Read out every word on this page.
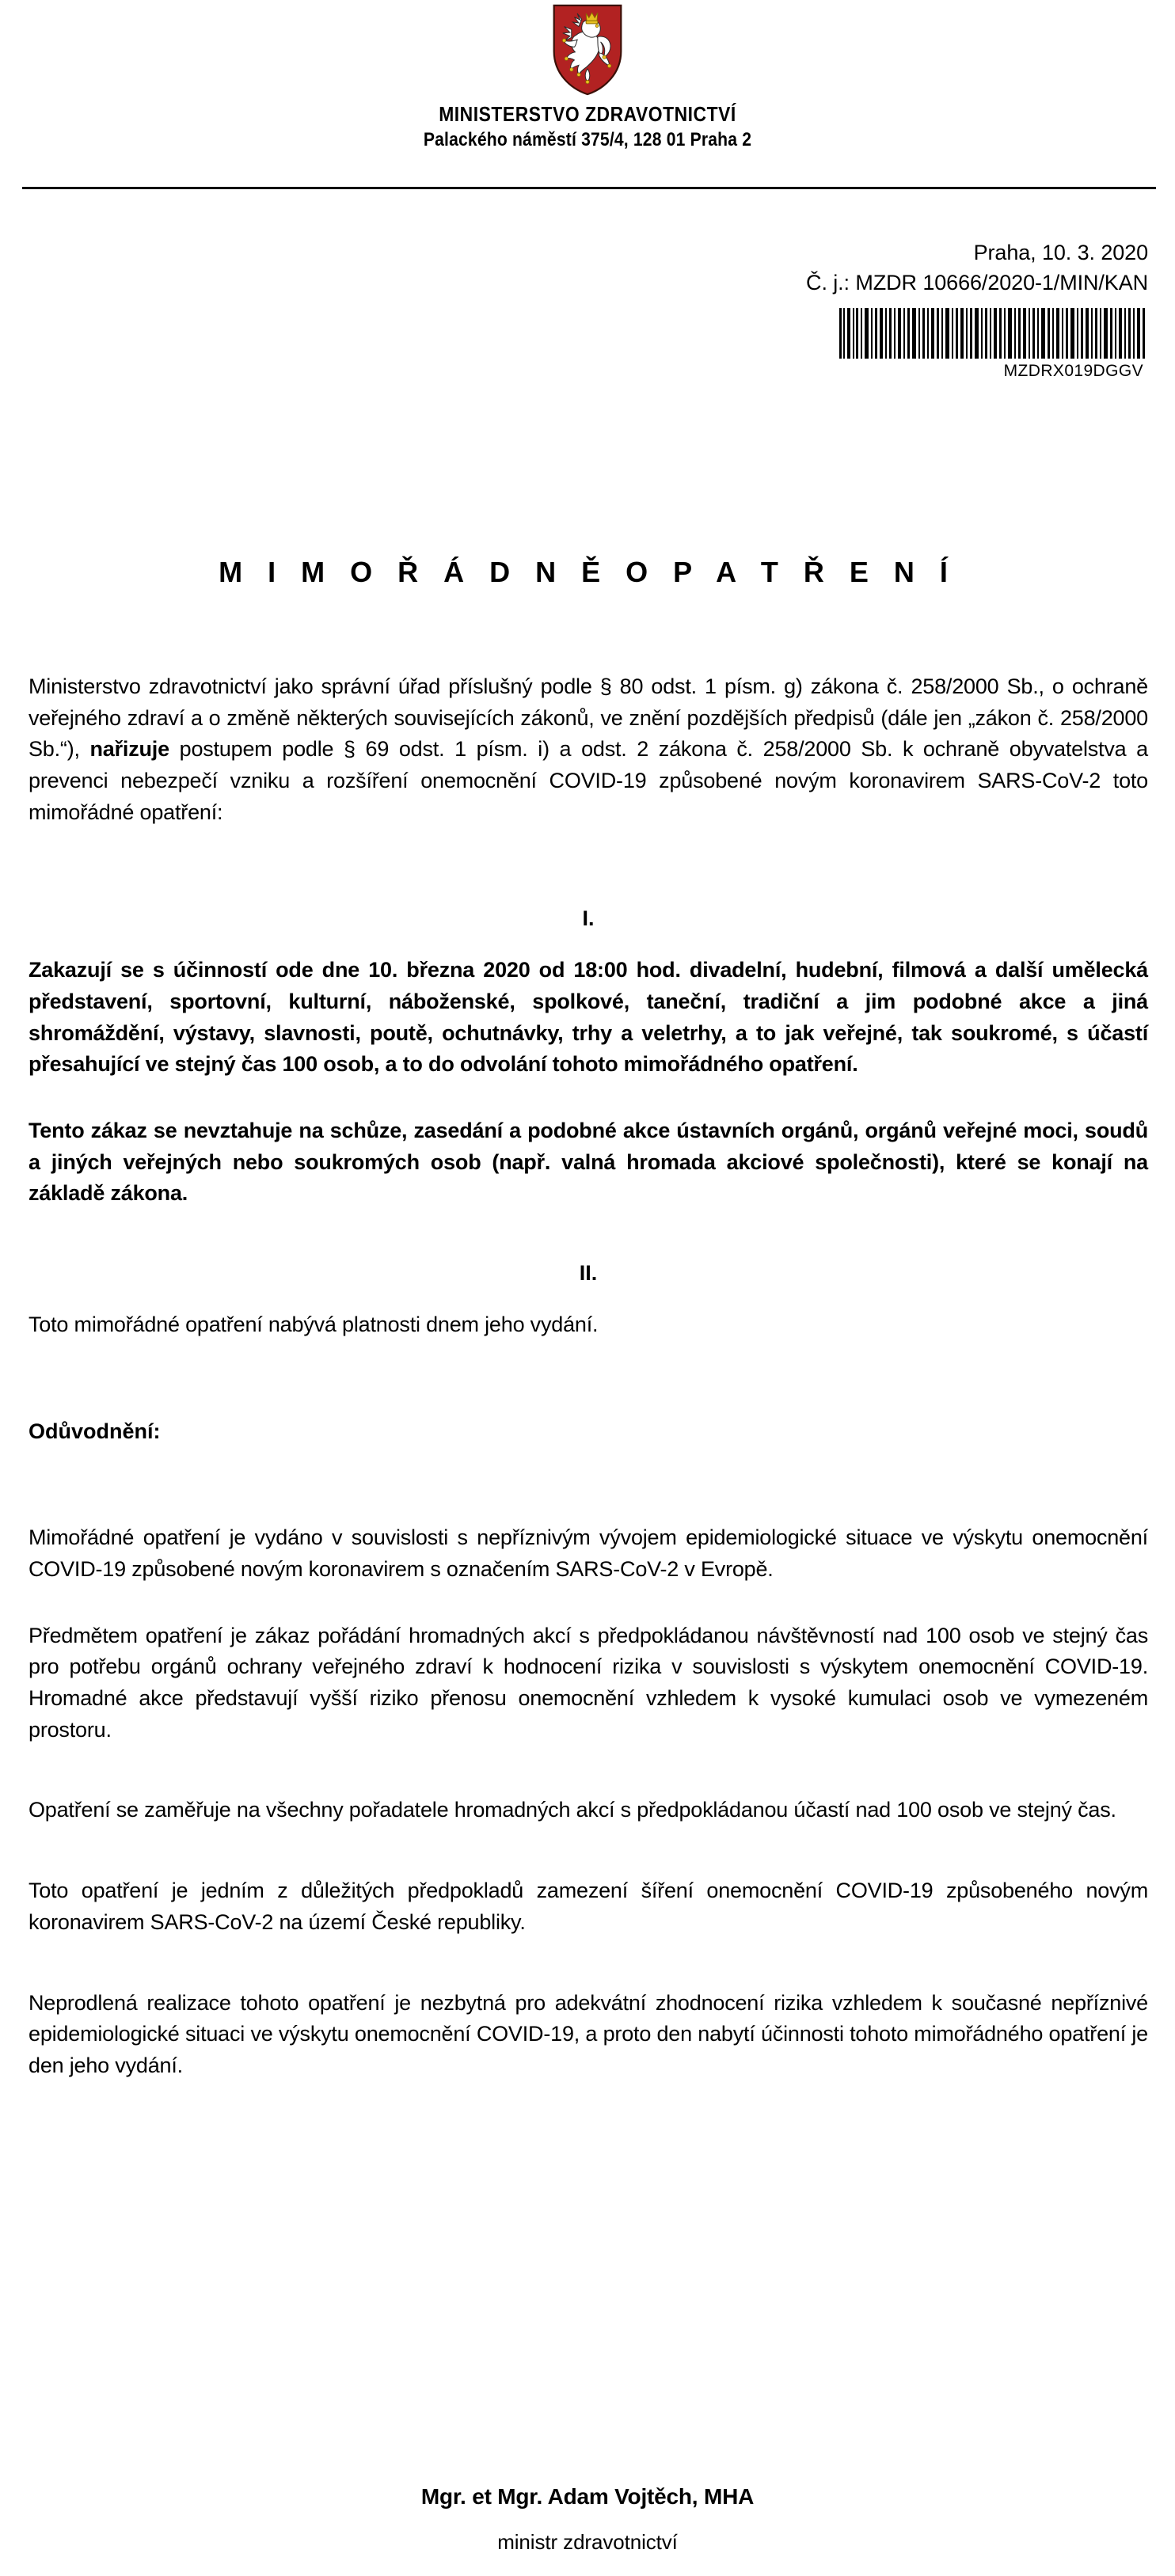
MINISTERSTVO ZDRAVOTNICTVÍ
Palackého náměstí 375/4, 128 01 Praha 2
Praha, 10. 3. 2020
Č. j.: MZDR 10666/2020-1/MIN/KAN
MZDRX019DGGV
M I M O Ř Á D N Ě O P A T Ř E N Í

Ministerstvo zdravotnictví jako správní úřad příslušný podle § 80 odst. 1 písm. g) zákona č. 258/2000 Sb., o ochraně veřejného zdraví a o změně některých souvisejících zákonů, ve znění pozdějších předpisů (dále jen „zákon č. 258/2000 Sb.“), nařizuje postupem podle § 69 odst. 1 písm. i) a odst. 2 zákona č. 258/2000 Sb. k ochraně obyvatelstva a prevenci nebezpečí vzniku a rozšíření onemocnění COVID-19 způsobené novým koronavirem SARS-CoV-2 toto mimořádné opatření:

I.

Zakazují se s účinností ode dne 10. března 2020 od 18:00 hod. divadelní, hudební, filmová a další umělecká představení, sportovní, kulturní, náboženské, spolkové, taneční, tradiční a jim podobné akce a jiná shromáždění, výstavy, slavnosti, poutě, ochutnávky, trhy a veletrhy, a to jak veřejné, tak soukromé, s účastí přesahující ve stejný čas 100 osob, a to do odvolání tohoto mimořádného opatření.

Tento zákaz se nevztahuje na schůze, zasedání a podobné akce ústavních orgánů, orgánů veřejné moci, soudů a jiných veřejných nebo soukromých osob (např. valná hromada akciové společnosti), které se konají na základě zákona.

II.

Toto mimořádné opatření nabývá platnosti dnem jeho vydání.

Odůvodnění:

Mimořádné opatření je vydáno v souvislosti s nepříznivým vývojem epidemiologické situace ve výskytu onemocnění COVID-19 způsobené novým koronavirem s označením SARS-CoV-2 v Evropě.

Předmětem opatření je zákaz pořádání hromadných akcí s předpokládanou návštěvností nad 100 osob ve stejný čas pro potřebu orgánů ochrany veřejného zdraví k hodnocení rizika v souvislosti s výskytem onemocnění COVID-19. Hromadné akce představují vyšší riziko přenosu onemocnění vzhledem k vysoké kumulaci osob ve vymezeném prostoru.

Opatření se zaměřuje na všechny pořadatele hromadných akcí s předpokládanou účastí nad 100 osob ve stejný čas.

Toto opatření je jedním z důležitých předpokladů zamezení šíření onemocnění COVID-19 způsobeného novým koronavirem SARS-CoV-2 na území České republiky.

Neprodlená realizace tohoto opatření je nezbytná pro adekvátní zhodnocení rizika vzhledem k současné nepříznivé epidemiologické situaci ve výskytu onemocnění COVID-19, a proto den nabytí účinnosti tohoto mimořádného opatření je den jeho vydání.

Mgr. et Mgr. Adam Vojtěch, MHA
ministr zdravotnictví
